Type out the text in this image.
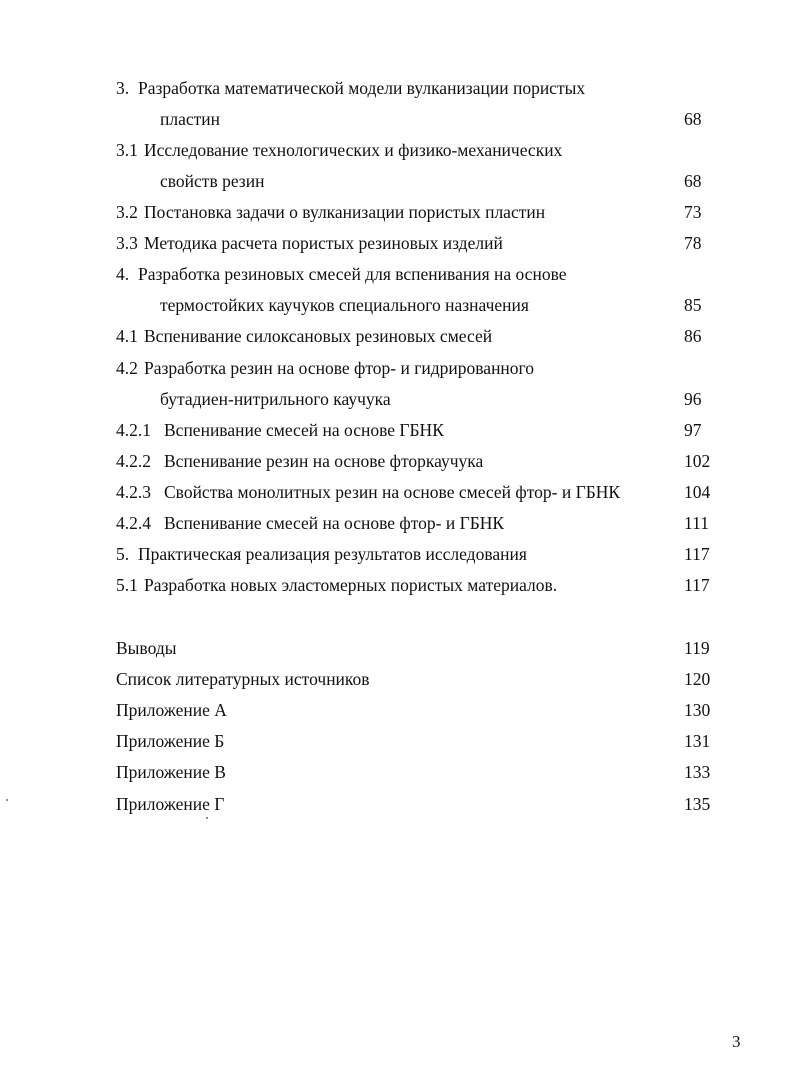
3. Разработка математической модели вулканизации пористых
пластин	68
3.1 Исследование технологических и физико-механических
свойств резин	68
3.2 Постановка задачи о вулканизации пористых пластин	73
3.3 Методика расчета пористых резиновых изделий	78
4. Разработка резиновых смесей для вспенивания на основе
термостойких каучуков специального назначения	85
4.1 Вспенивание силоксановых резиновых смесей	86
4.2 Разработка резин на основе фтор- и гидрированного
бутадиен-нитрильного каучука	96
4.2.1 Вспенивание смесей на основе ГБНК	97
4.2.2 Вспенивание резин на основе фторкаучука	102
4.2.3 Свойства монолитных резин на основе смесей фтор- и ГБНК	104
4.2.4 Вспенивание смесей на основе фтор- и ГБНК	111
5. Практическая реализация результатов исследования	117
5.1 Разработка новых эластомерных пористых материалов.	117
Выводы	119
Список литературных источников	120
Приложение А	130
Приложение Б	131
Приложение В	133
Приложение Г	135
3
